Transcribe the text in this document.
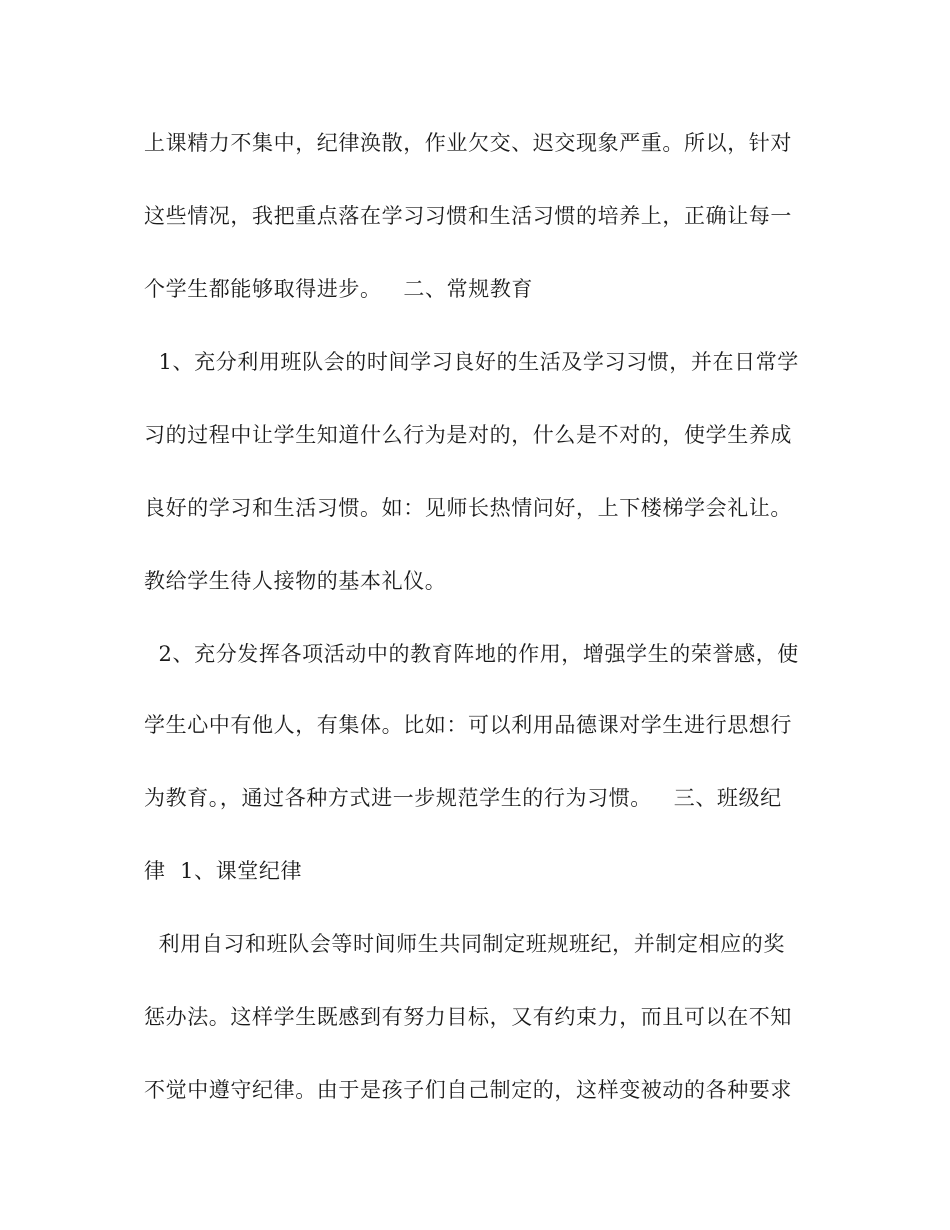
上课精力不集中，纪律涣散，作业欠交、迟交现象严重。所以，针对
这些情况，我把重点落在学习习惯和生活习惯的培养上，正确让每一
个学生都能够取得进步。   二、常规教育
1、充分利用班队会的时间学习良好的生活及学习习惯，并在日常学
习的过程中让学生知道什么行为是对的，什么是不对的，使学生养成
良好的学习和生活习惯。如：见师长热情问好，上下楼梯学会礼让。
教给学生待人接物的基本礼仪。
2、充分发挥各项活动中的教育阵地的作用，增强学生的荣誉感，使
学生心中有他人，有集体。比如：可以利用品德课对学生进行思想行
为教育。，通过各种方式进一步规范学生的行为习惯。   三、班级纪
律  1、课堂纪律
利用自习和班队会等时间师生共同制定班规班纪，并制定相应的奖
惩办法。这样学生既感到有努力目标，又有约束力，而且可以在不知
不觉中遵守纪律。由于是孩子们自己制定的，这样变被动的各种要求
